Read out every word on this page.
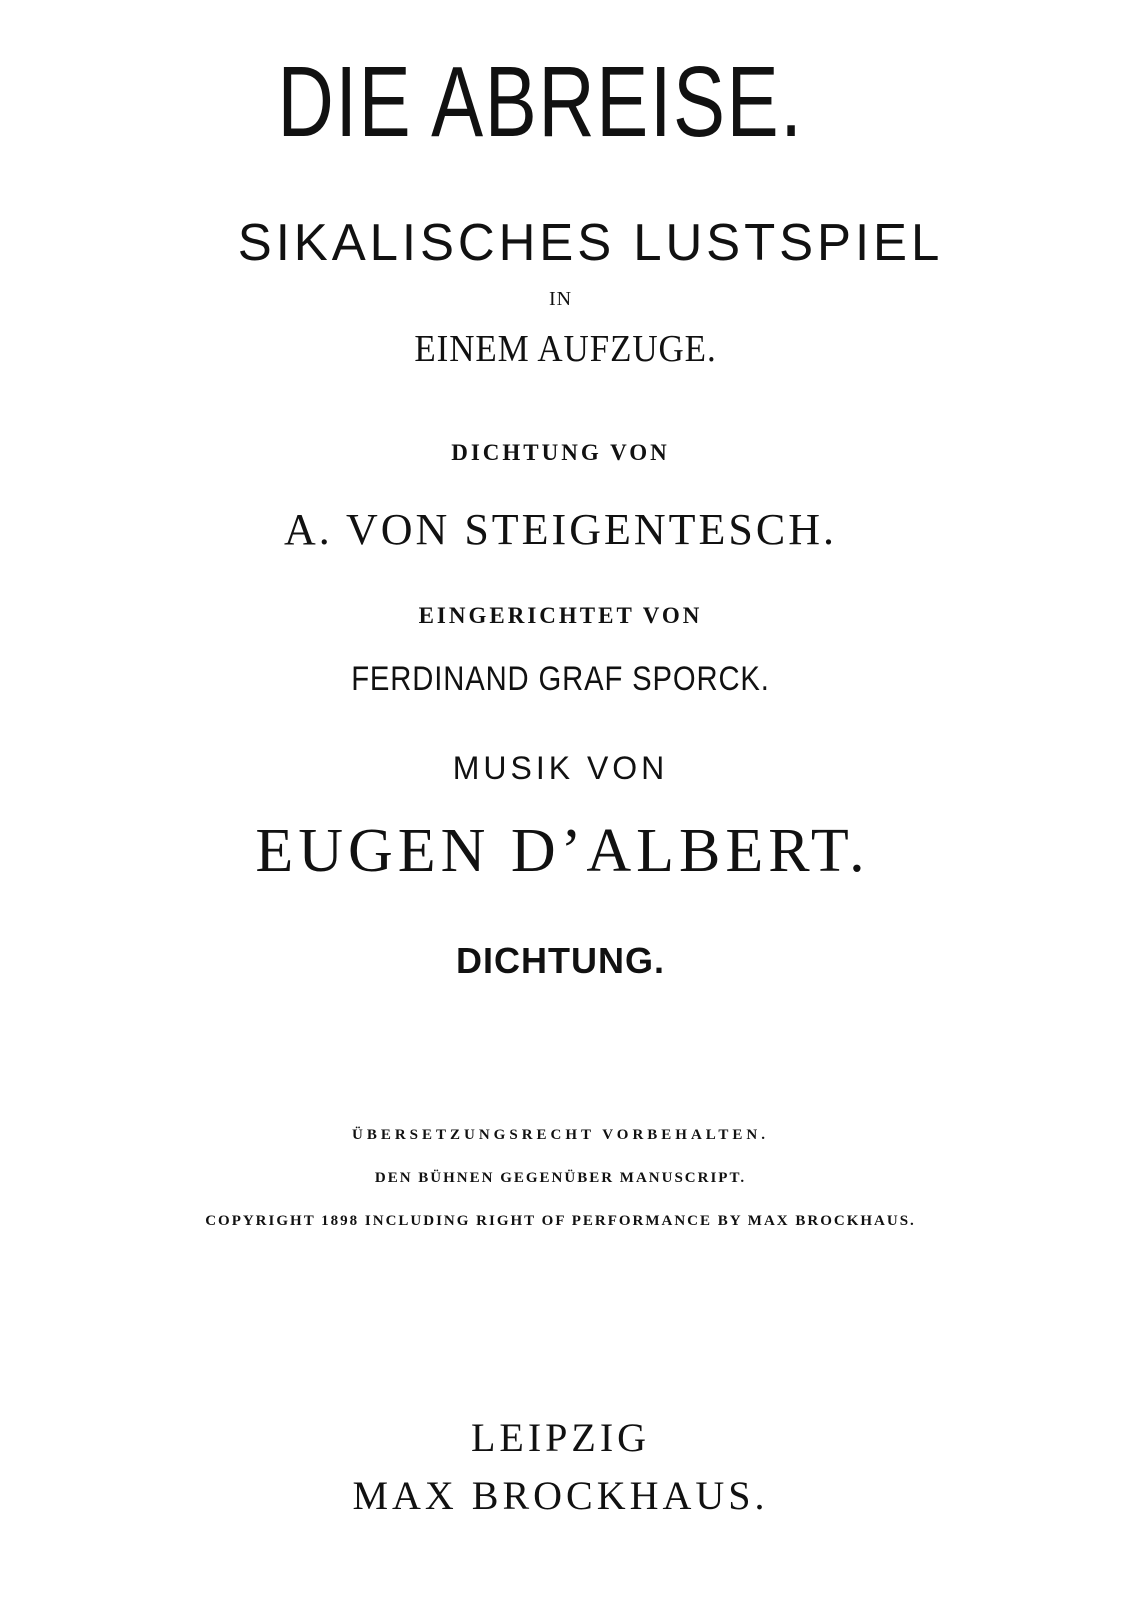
DIE ABREISE.
SIKALISCHES LUSTSPIEL
IN
EINEM AUFZUGE.
DICHTUNG VON
A. VON STEIGENTESCH.
EINGERICHTET VON
FERDINAND GRAF SPORCK.
MUSIK VON
EUGEN D’ALBERT.
DICHTUNG.
ÜBERSETZUNGSRECHT VORBEHALTEN.
DEN BÜHNEN GEGENÜBER MANUSCRIPT.
COPYRIGHT 1898 INCLUDING RIGHT OF PERFORMANCE BY MAX BROCKHAUS.
LEIPZIG
MAX BROCKHAUS.
